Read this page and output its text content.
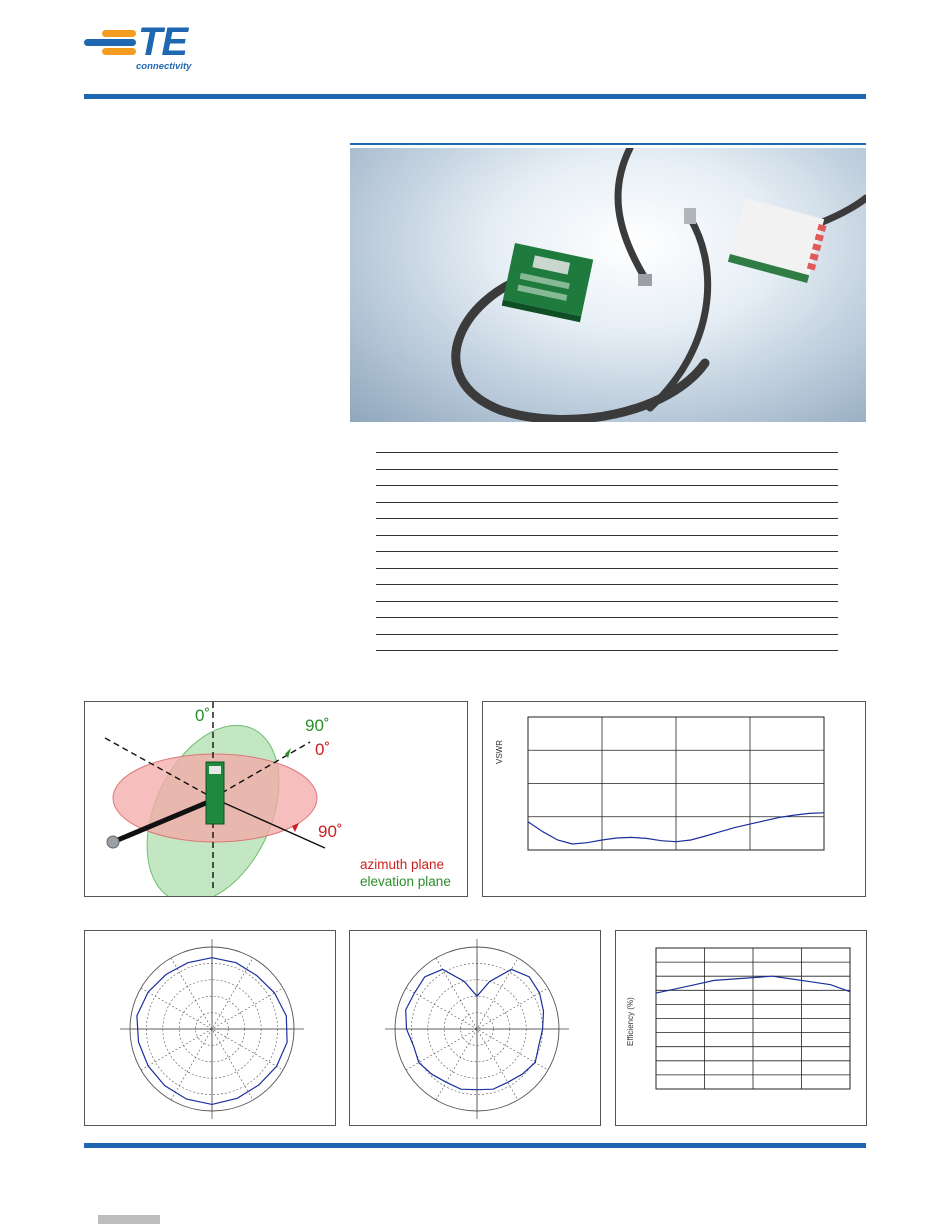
TE
connectivity
0˚
90˚
0˚
90˚
azimuth plane
elevation plane
VSWR
Efficiency (%)
